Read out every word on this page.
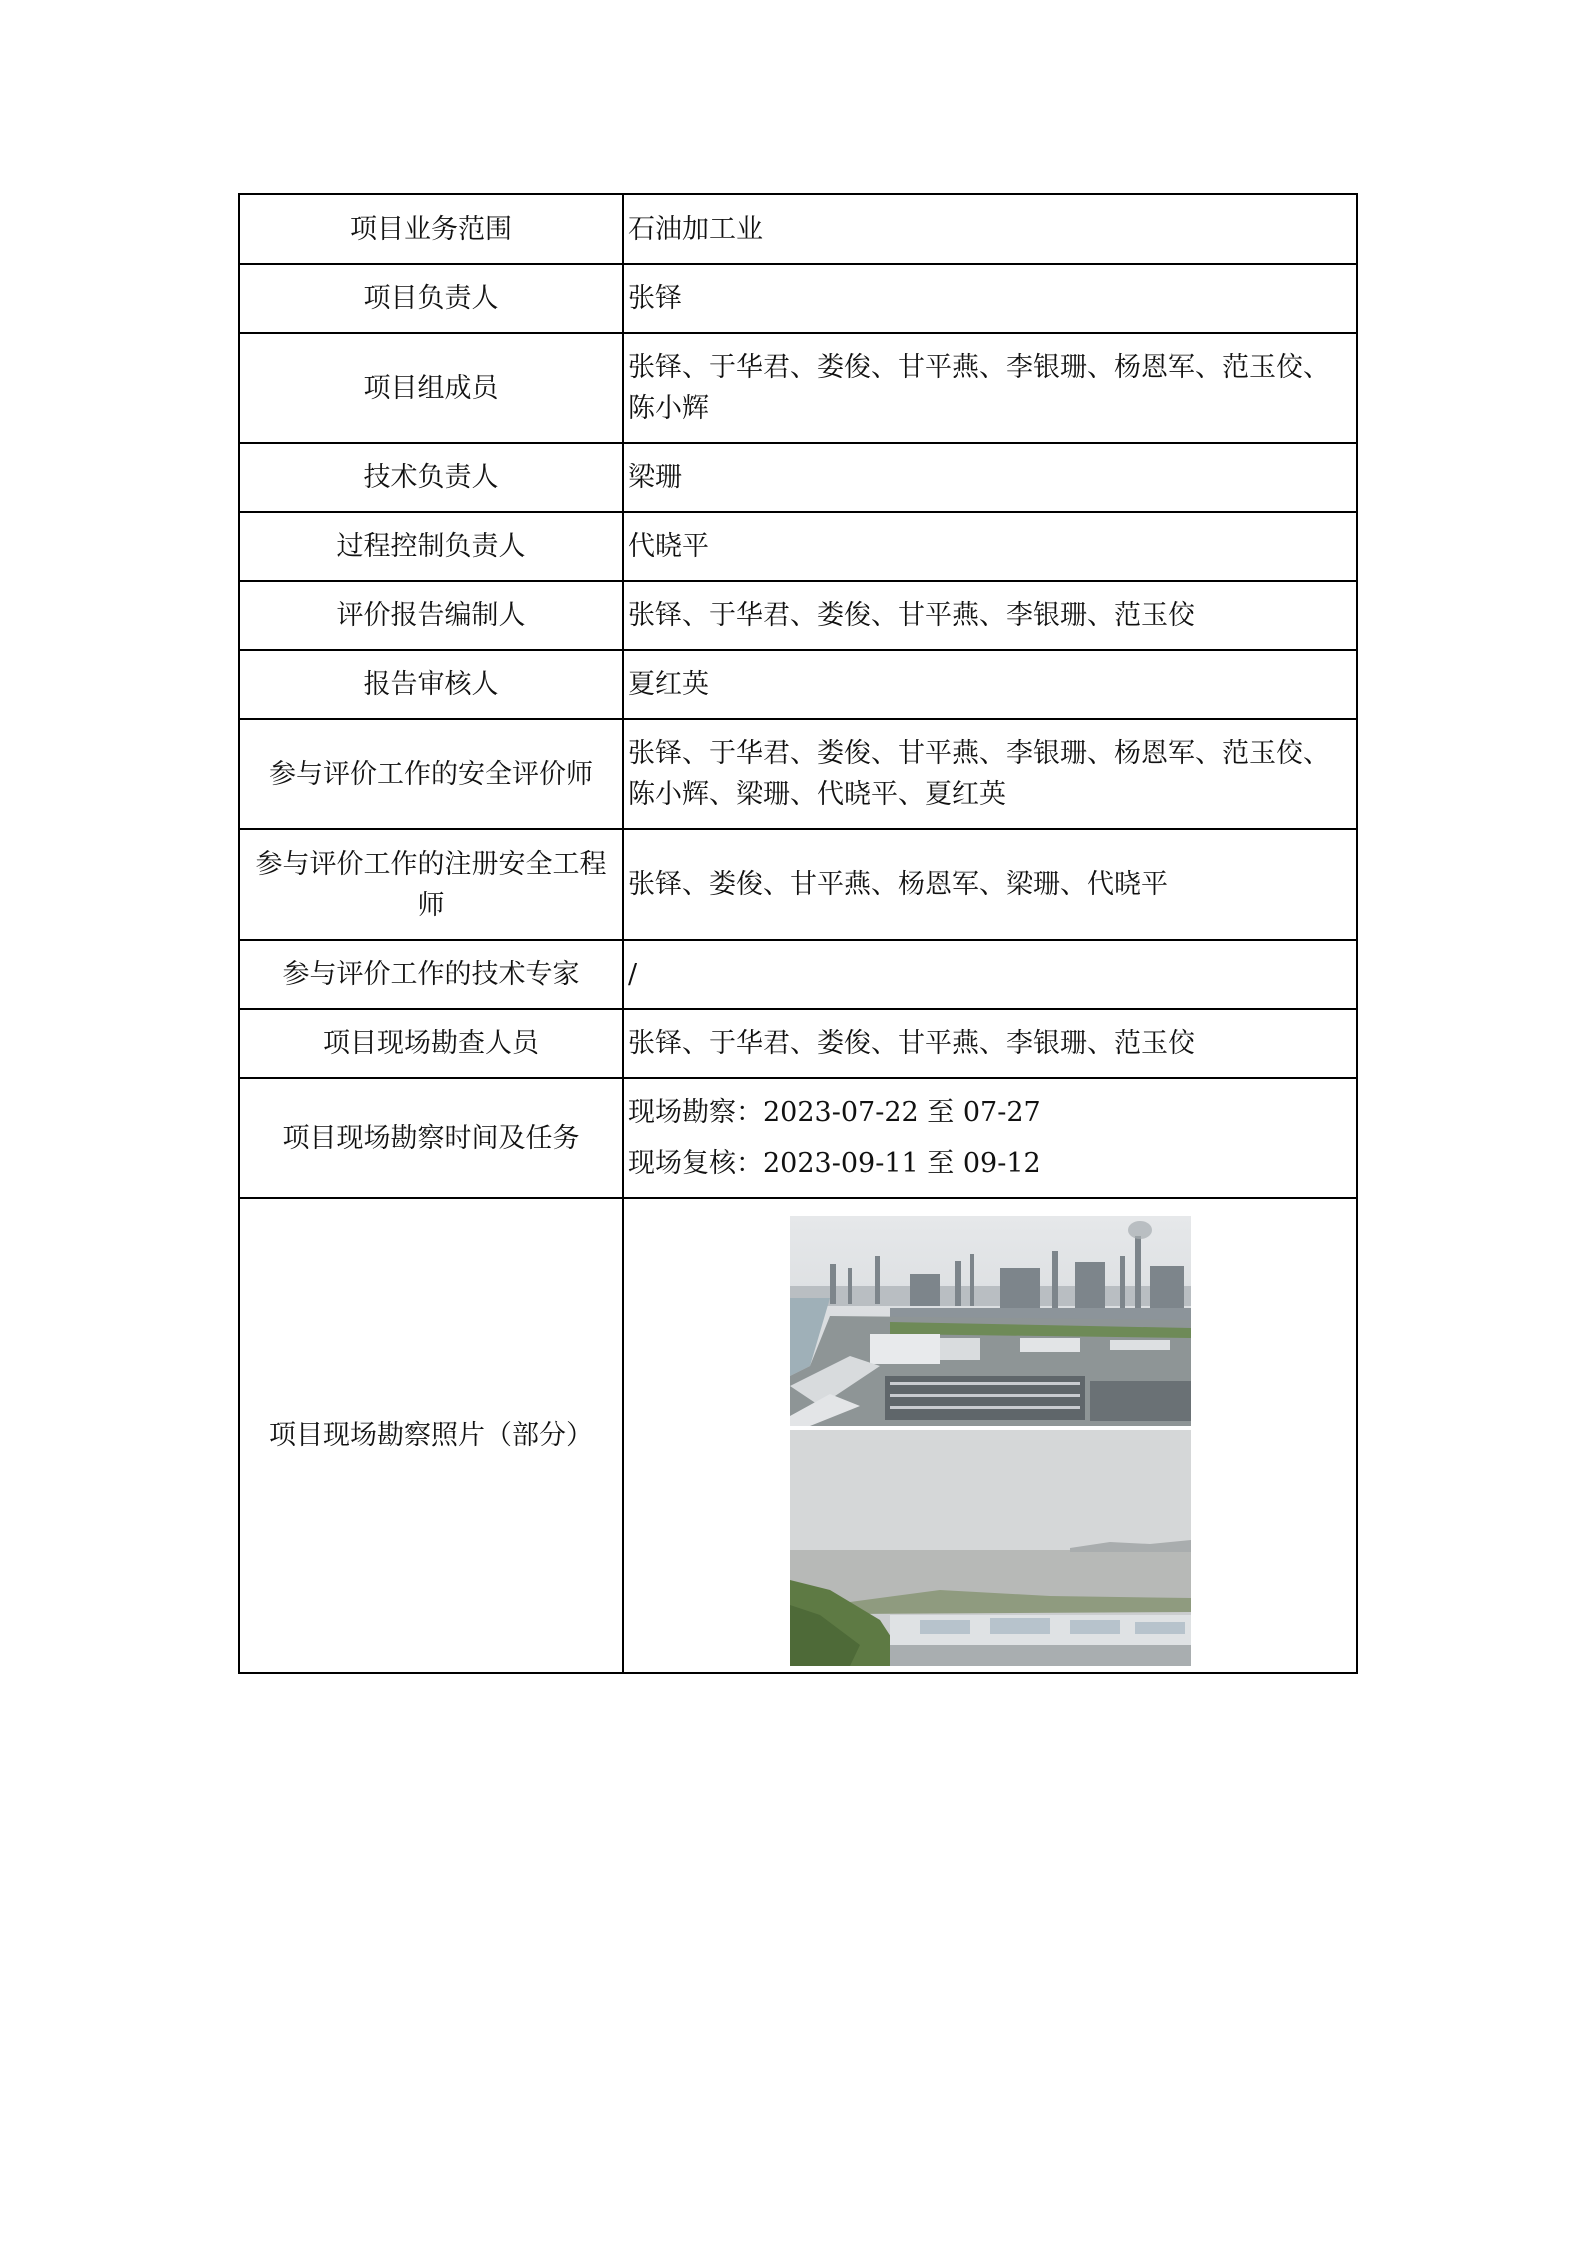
项目业务范围	石油加工业
项目负责人	张铎
项目组成员	张铎、于华君、娄俊、甘平燕、李银珊、杨恩军、范玉佼、陈小辉
技术负责人	梁珊
过程控制负责人	代晓平
评价报告编制人	张铎、于华君、娄俊、甘平燕、李银珊、范玉佼
报告审核人	夏红英
参与评价工作的安全评价师	张铎、于华君、娄俊、甘平燕、李银珊、杨恩军、范玉佼、陈小辉、梁珊、代晓平、夏红英
参与评价工作的注册安全工程师	张铎、娄俊、甘平燕、杨恩军、梁珊、代晓平
参与评价工作的技术专家	/
项目现场勘查人员	张铎、于华君、娄俊、甘平燕、李银珊、范玉佼
项目现场勘察时间及任务	现场勘察：2023-07-22 至 07-27
现场复核：2023-09-11 至 09-12

项目现场勘察照片（部分）	
